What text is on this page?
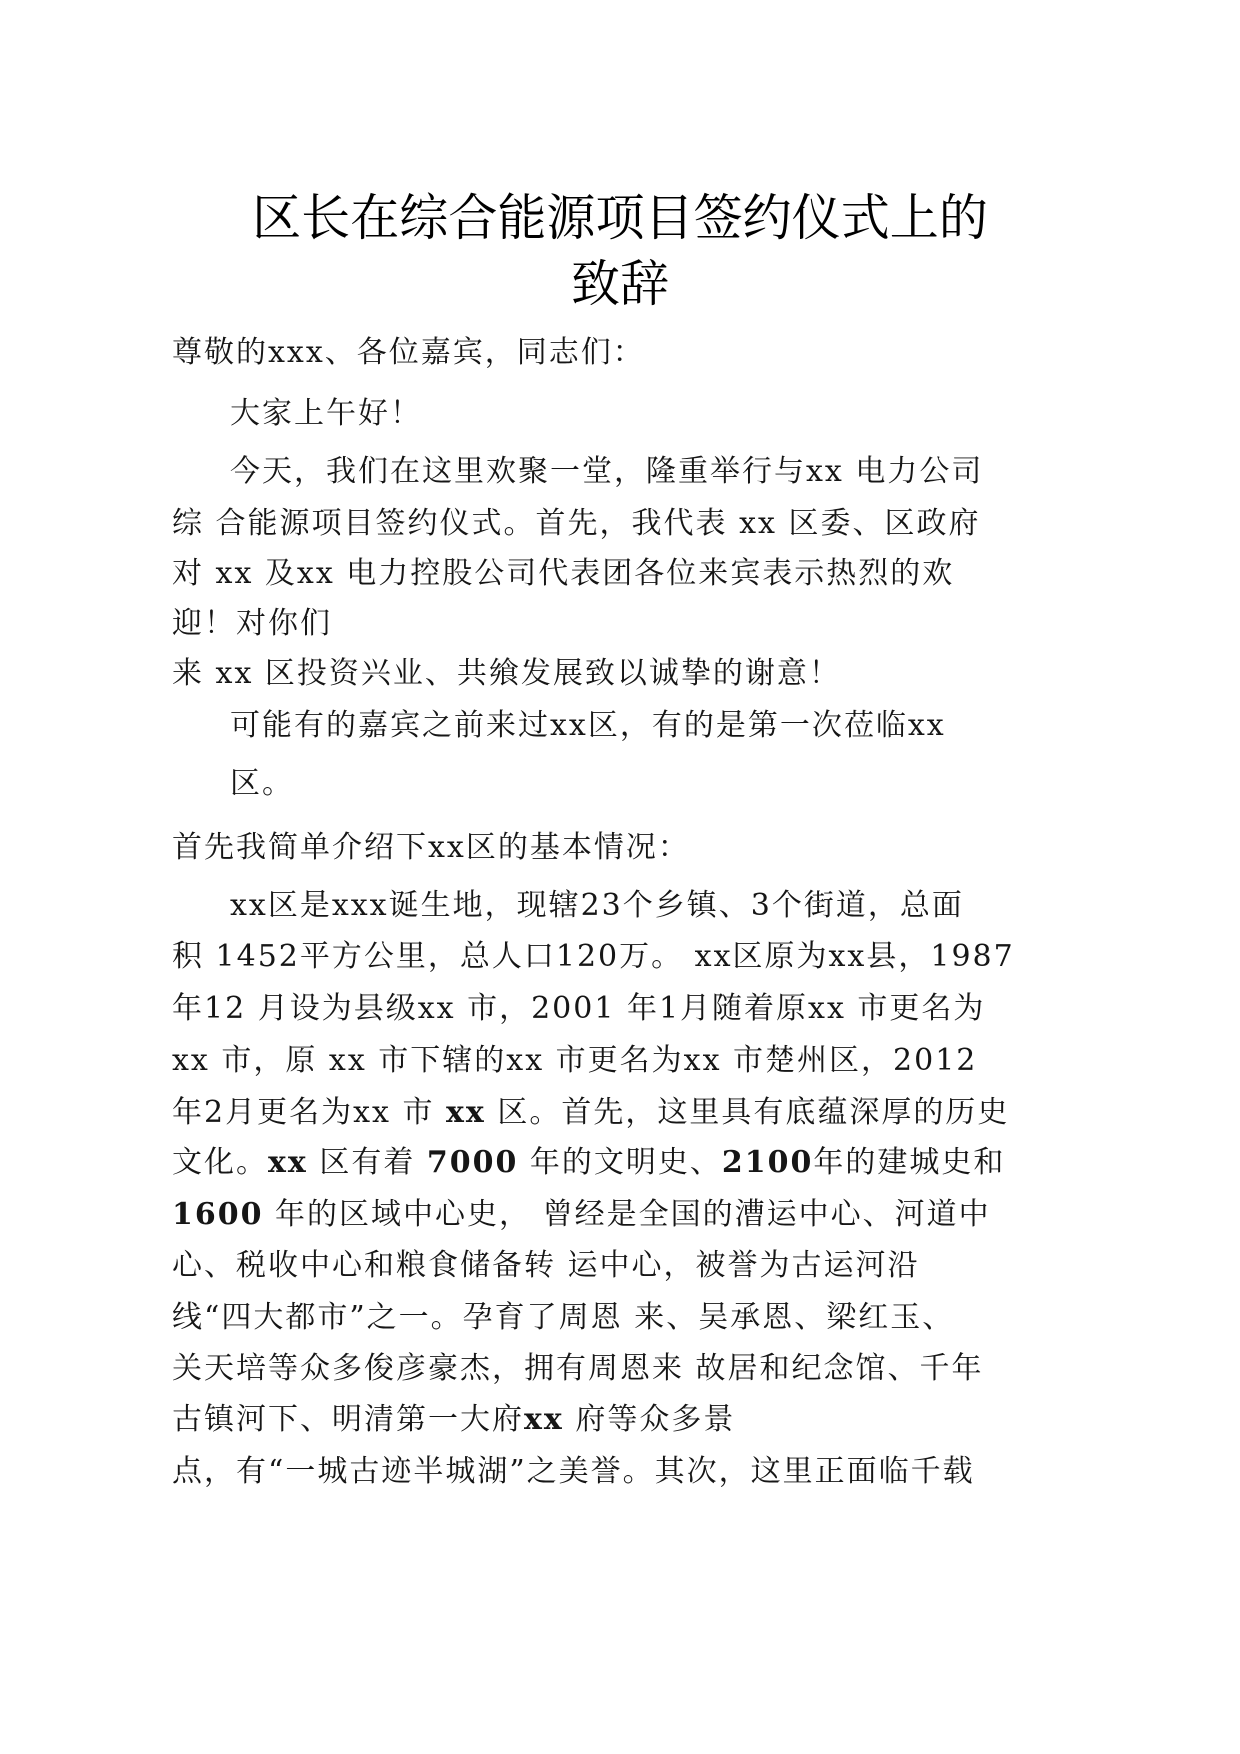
区长在综合能源项目签约仪式上的
致辞
尊敬的xxx、各位嘉宾，同志们：
大家上午好！
今天，我们在这里欢聚一堂，隆重举行与xx 电力公司
综 合能源项目签约仪式。首先，我代表 xx 区委、区政府
对 xx 及xx 电力控股公司代表团各位来宾表示热烈的欢
迎！对你们
来 xx 区投资兴业、共飨发展致以诚挚的谢意！
可能有的嘉宾之前来过xx区，有的是第一次莅临xx
区。
首先我简单介绍下xx区的基本情况：
xx区是xxx诞生地，现辖23个乡镇、3个街道，总面
积 1452平方公里，总人口120万。 xx区原为xx县，1987
年12 月设为县级xx 市，2001 年1月随着原xx 市更名为
xx 市，原 xx 市下辖的xx 市更名为xx 市楚州区，2012
年2月更名为xx 市 xx 区。首先，这里具有底蕴深厚的历史
文化。xx 区有着 7000 年的文明史、2100年的建城史和
1600 年的区域中心史， 曾经是全国的漕运中心、河道中
心、税收中心和粮食储备转 运中心，被誉为古运河沿
线“四大都市”之一。孕育了周恩 来、吴承恩、梁红玉、
关天培等众多俊彦豪杰，拥有周恩来 故居和纪念馆、千年
古镇河下、明清第一大府xx 府等众多景
点，有“一城古迹半城湖”之美誉。其次，这里正面临千载
